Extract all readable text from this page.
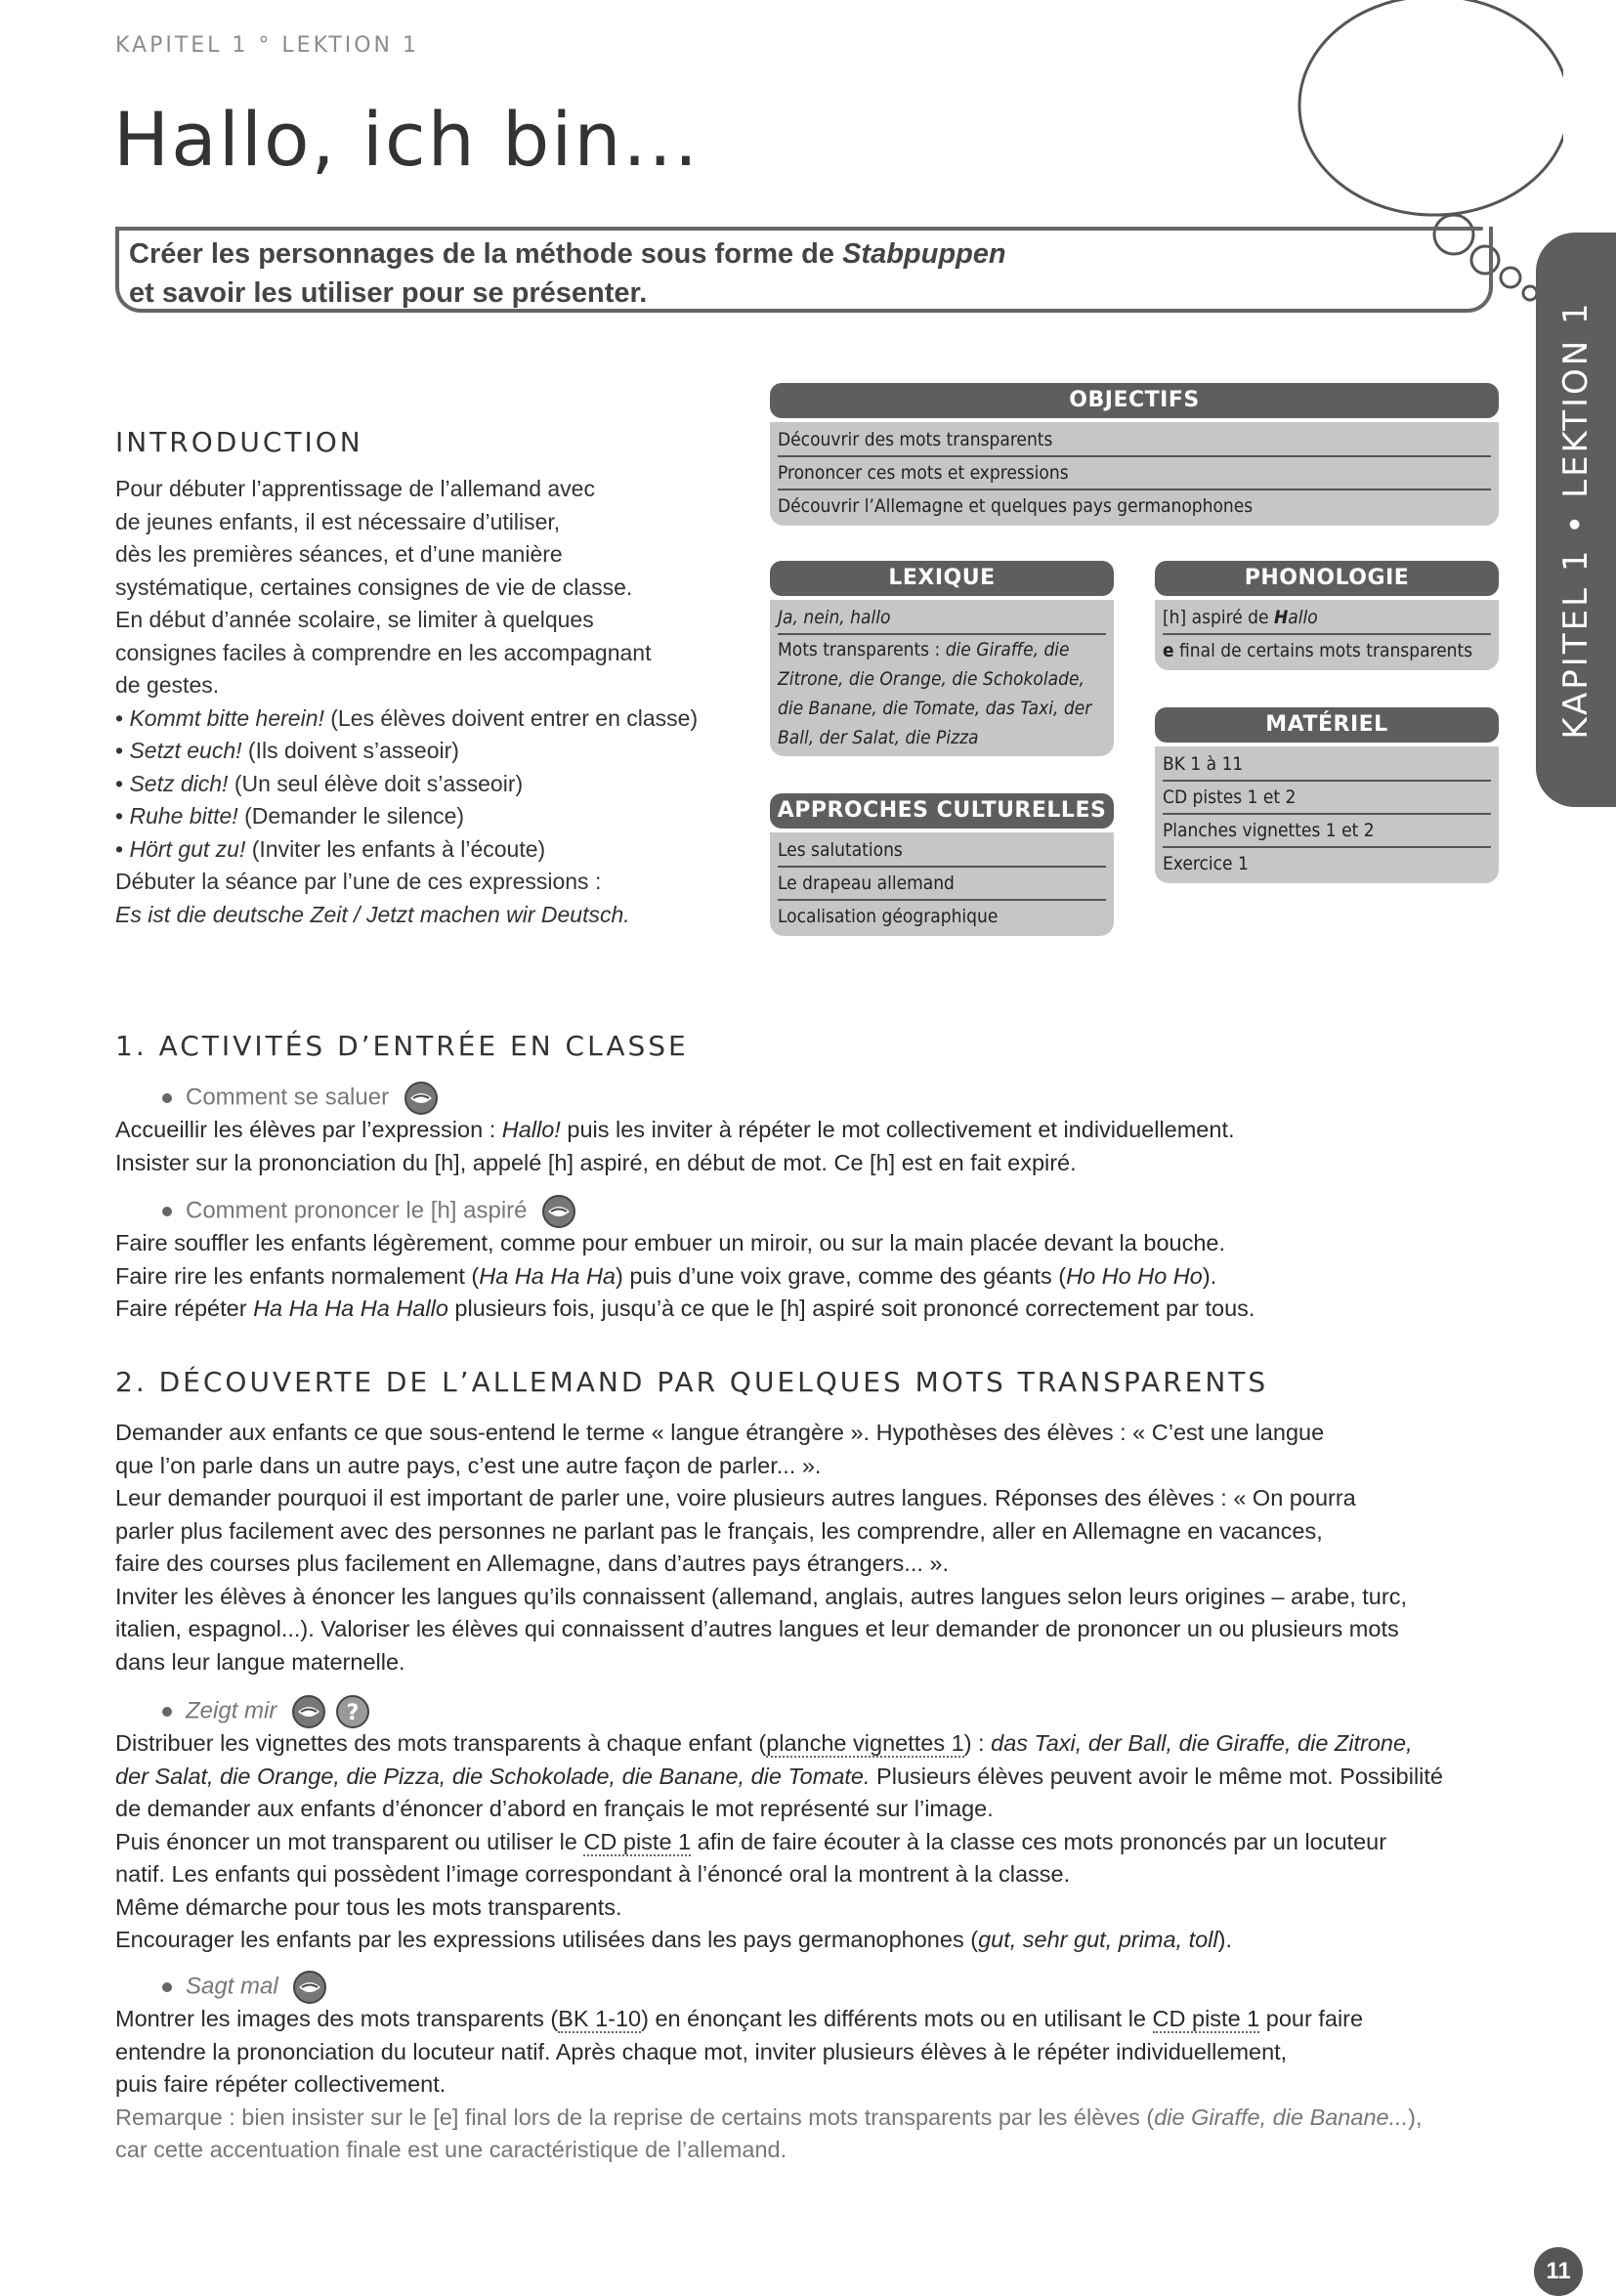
KAPITEL 1 ° LEKTION 1
Hallo, ich bin...
Créer les personnages de la méthode sous forme de Stabpuppen
et savoir les utiliser pour se présenter.
KAPITEL 1 • LEKTION 1
INTRODUCTION

Pour débuter l’apprentissage de l’allemand avec

de jeunes enfants, il est nécessaire d’utiliser,

dès les premières séances, et d’une manière

systématique, certaines consignes de vie de classe.

En début d’année scolaire, se limiter à quelques

consignes faciles à comprendre en les accompagnant

de gestes.

• Kommt bitte herein! (Les élèves doivent entrer en classe)

• Setzt euch! (Ils doivent s’asseoir)

• Setz dich! (Un seul élève doit s’asseoir)

• Ruhe bitte! (Demander le silence)

• Hört gut zu! (Inviter les enfants à l’écoute)

Débuter la séance par l’une de ces expressions :

Es ist die deutsche Zeit / Jetzt machen wir Deutsch.

OBJECTIFS
Découvrir des mots transparents
Prononcer ces mots et expressions
Découvrir l’Allemagne et quelques pays germanophones
LEXIQUE
Ja, nein, hallo
Mots transparents : die Giraffe, die Zitrone, die Orange, die Schokolade, die Banane, die Tomate, das Taxi, der Ball, der Salat, die Pizza
PHONOLOGIE
[h] aspiré de Hallo
e final de certains mots transparents
MATÉRIEL
BK 1 à 11
CD pistes 1 et 2
Planches vignettes 1 et 2
Exercice 1
APPROCHES CULTURELLES
Les salutations
Le drapeau allemand
Localisation géographique
1. ACTIVITÉS D’ENTRÉE EN CLASSE
Comment se saluer

Accueillir les élèves par l’expression : Hallo! puis les inviter à répéter le mot collectivement et individuellement.

Insister sur la prononciation du [h], appelé [h] aspiré, en début de mot. Ce [h] est en fait expiré.

Comment prononcer le [h] aspiré

Faire souffler les enfants légèrement, comme pour embuer un miroir, ou sur la main placée devant la bouche.

Faire rire les enfants normalement (Ha Ha Ha Ha) puis d’une voix grave, comme des géants (Ho Ho Ho Ho).

Faire répéter Ha Ha Ha Ha Hallo plusieurs fois, jusqu’à ce que le [h] aspiré soit prononcé correctement par tous.

2. DÉCOUVERTE DE L’ALLEMAND PAR QUELQUES MOTS TRANSPARENTS

Demander aux enfants ce que sous-entend le terme « langue étrangère ». Hypothèses des élèves : « C’est une langue

que l’on parle dans un autre pays, c’est une autre façon de parler... ».

Leur demander pourquoi il est important de parler une, voire plusieurs autres langues. Réponses des élèves : « On pourra

parler plus facilement avec des personnes ne parlant pas le français, les comprendre, aller en Allemagne en vacances,

faire des courses plus facilement en Allemagne, dans d’autres pays étrangers... ».

Inviter les élèves à énoncer les langues qu’ils connaissent (allemand, anglais, autres langues selon leurs origines – arabe, turc,

italien, espagnol...). Valoriser les élèves qui connaissent d’autres langues et leur demander de prononcer un ou plusieurs mots

dans leur langue maternelle.

Zeigt mir	?

Distribuer les vignettes des mots transparents à chaque enfant (planche vignettes 1) : das Taxi, der Ball, die Giraffe, die Zitrone,

der Salat, die Orange, die Pizza, die Schokolade, die Banane, die Tomate. Plusieurs élèves peuvent avoir le même mot. Possibilité

de demander aux enfants d’énoncer d’abord en français le mot représenté sur l’image.

Puis énoncer un mot transparent ou utiliser le CD piste 1 afin de faire écouter à la classe ces mots prononcés par un locuteur

natif. Les enfants qui possèdent l’image correspondant à l’énoncé oral la montrent à la classe.

Même démarche pour tous les mots transparents.

Encourager les enfants par les expressions utilisées dans les pays germanophones (gut, sehr gut, prima, toll).

Sagt mal

Montrer les images des mots transparents (BK 1-10) en énonçant les différents mots ou en utilisant le CD piste 1 pour faire

entendre la prononciation du locuteur natif. Après chaque mot, inviter plusieurs élèves à le répéter individuellement,

puis faire répéter collectivement.

Remarque : bien insister sur le [e] final lors de la reprise de certains mots transparents par les élèves (die Giraffe, die Banane...),

car cette accentuation finale est une caractéristique de l’allemand.

11
